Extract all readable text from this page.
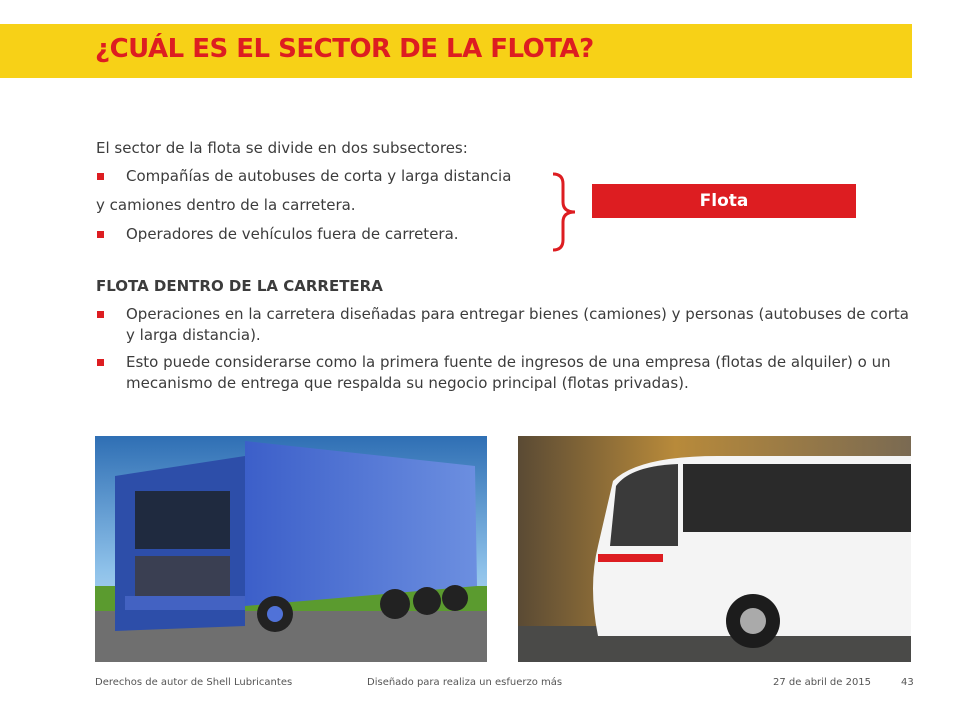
¿CUÁL ES EL SECTOR DE LA FLOTA?

El sector de la flota se divide en dos subsectores:

Compañías de autobuses de corta y larga distancia

y camiones dentro de la carretera.

Operadores de vehículos fuera de carretera.

FLOTA DENTRO DE LA CARRETERA

Operaciones en la carretera diseñadas para entregar bienes (camiones) y personas (autobuses de corta y larga distancia).

Esto puede considerarse como la primera fuente de ingresos de una empresa (flotas de alquiler) o un mecanismo de entrega que respalda su negocio principal (flotas privadas).

Flota
Derechos de autor de Shell Lubricantes	Diseñado para realiza un esfuerzo más	27 de abril de 2015	43
